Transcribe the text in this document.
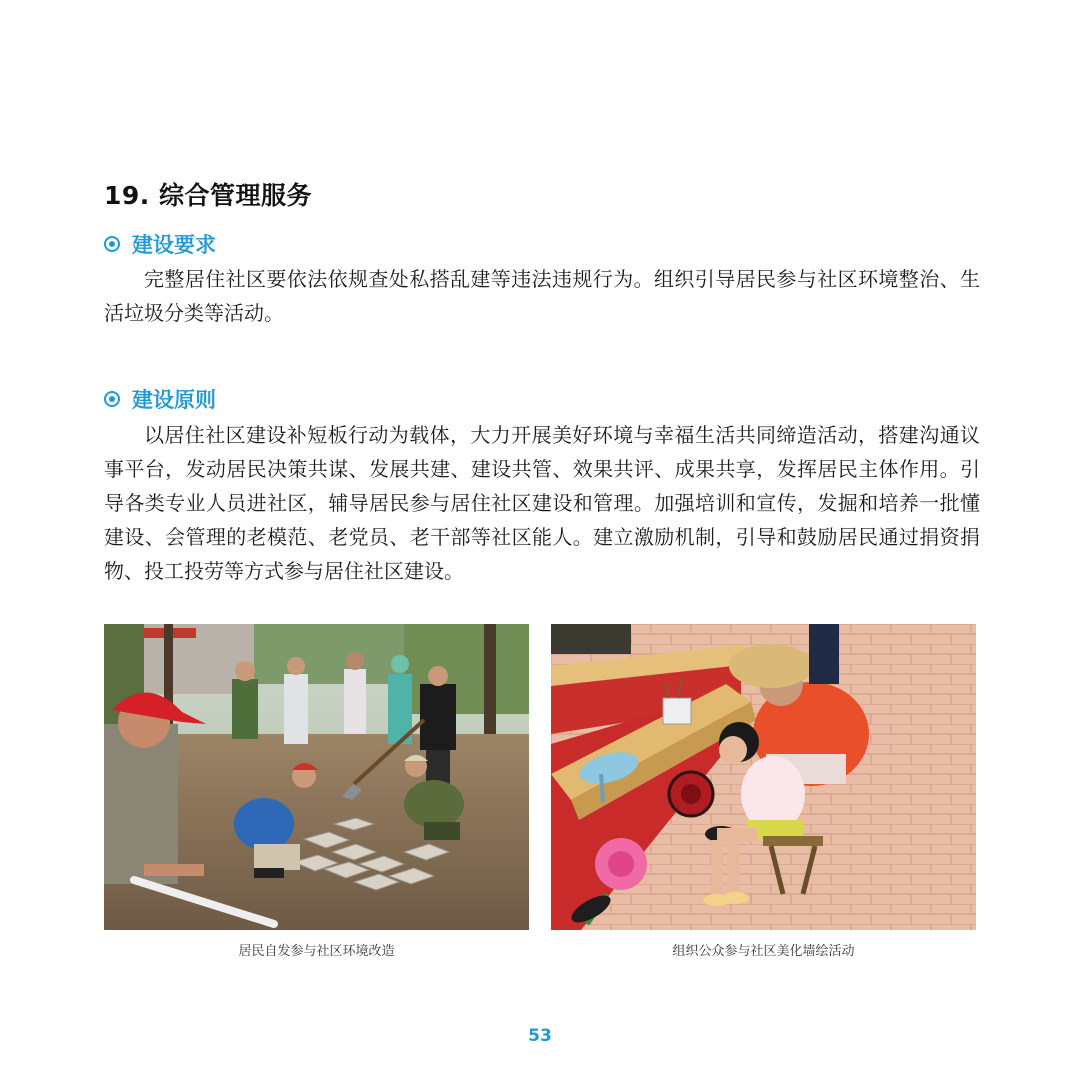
19. 综合管理服务
建设要求

完整居住社区要依法依规查处私搭乱建等违法违规行为。组织引导居民参与社区环境整治、生活垃圾分类等活动。

建设原则

以居住社区建设补短板行动为载体，大力开展美好环境与幸福生活共同缔造活动，搭建沟通议事平台，发动居民决策共谋、发展共建、建设共管、效果共评、成果共享，发挥居民主体作用。引导各类专业人员进社区，辅导居民参与居住社区建设和管理。加强培训和宣传，发掘和培养一批懂建设、会管理的老模范、老党员、老干部等社区能人。建立激励机制，引导和鼓励居民通过捐资捐物、投工投劳等方式参与居住社区建设。

居民自发参与社区环境改造	组织公众参与社区美化墙绘活动
53
